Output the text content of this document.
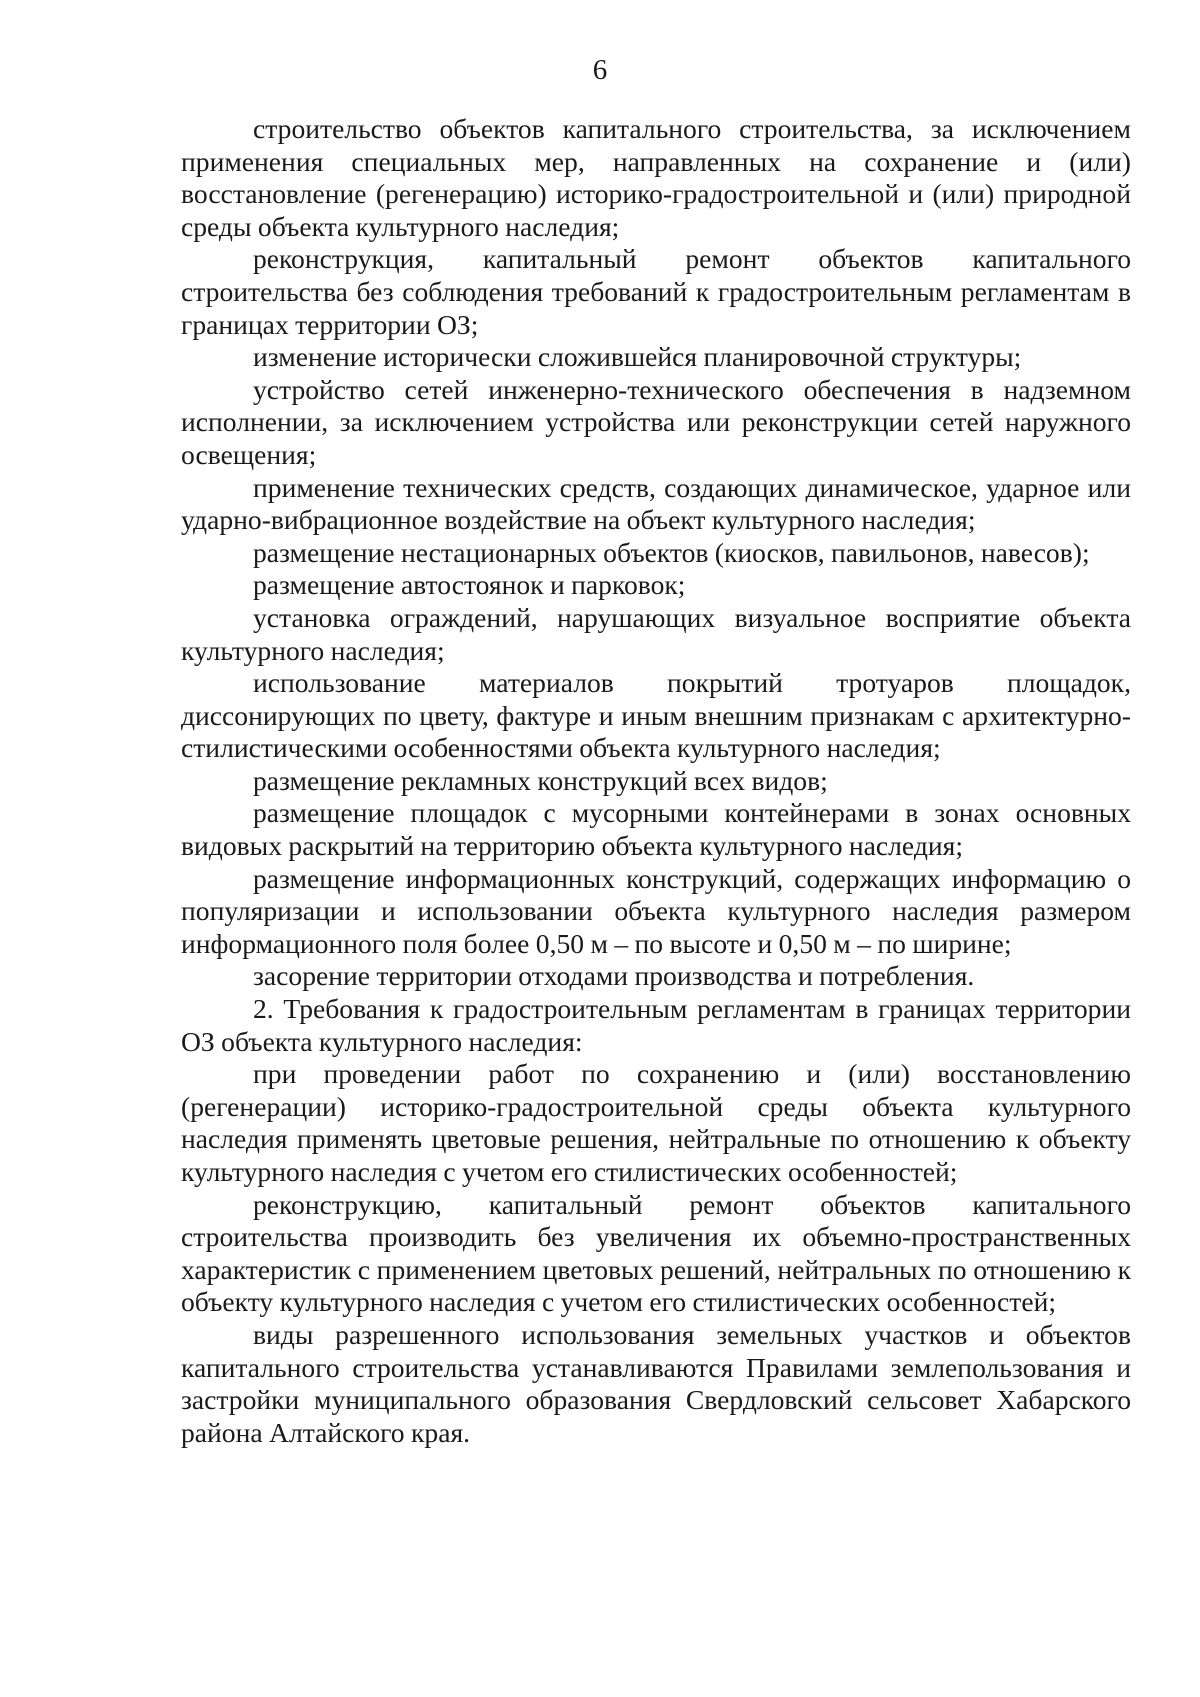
6

строительство объектов капитального строительства, за исключением применения специальных мер, направленных на сохранение и (или) восстановление (регенерацию) историко-градостроительной и (или) природной среды объекта культурного наследия;

реконструкция, капитальный ремонт объектов капитального строительства без соблюдения требований к градостроительным регламентам в границах территории ОЗ;

изменение исторически сложившейся планировочной структуры;

устройство сетей инженерно-технического обеспечения в надземном исполнении, за исключением устройства или реконструкции сетей наружного освещения;

применение технических средств, создающих динамическое, ударное или ударно-вибрационное воздействие на объект культурного наследия;

размещение нестационарных объектов (киосков, павильонов, навесов);

размещение автостоянок и парковок;

установка ограждений, нарушающих визуальное восприятие объекта культурного наследия;

использование материалов покрытий тротуаров площадок, диссонирующих по цвету, фактуре и иным внешним признакам с архитектурно-стилистическими особенностями объекта культурного наследия;

размещение рекламных конструкций всех видов;

размещение площадок с мусорными контейнерами в зонах основных видовых раскрытий на территорию объекта культурного наследия;

размещение информационных конструкций, содержащих информацию о популяризации и использовании объекта культурного наследия размером информационного поля более 0,50 м – по высоте и 0,50 м – по ширине;

засорение территории отходами производства и потребления.

2. Требования к градостроительным регламентам в границах территории ОЗ объекта культурного наследия:

при проведении работ по сохранению и (или) восстановлению (регенерации) историко-градостроительной среды объекта культурного наследия применять цветовые решения, нейтральные по отношению к объекту культурного наследия с учетом его стилистических особенностей;

реконструкцию, капитальный ремонт объектов капитального строительства производить без увеличения их объемно-пространственных характеристик с применением цветовых решений, нейтральных по отношению к объекту культурного наследия с учетом его стилистических особенностей;

виды разрешенного использования земельных участков и объектов капитального строительства устанавливаются Правилами землепользования и застройки муниципального образования Свердловский сельсовет Хабарского района Алтайского края.
